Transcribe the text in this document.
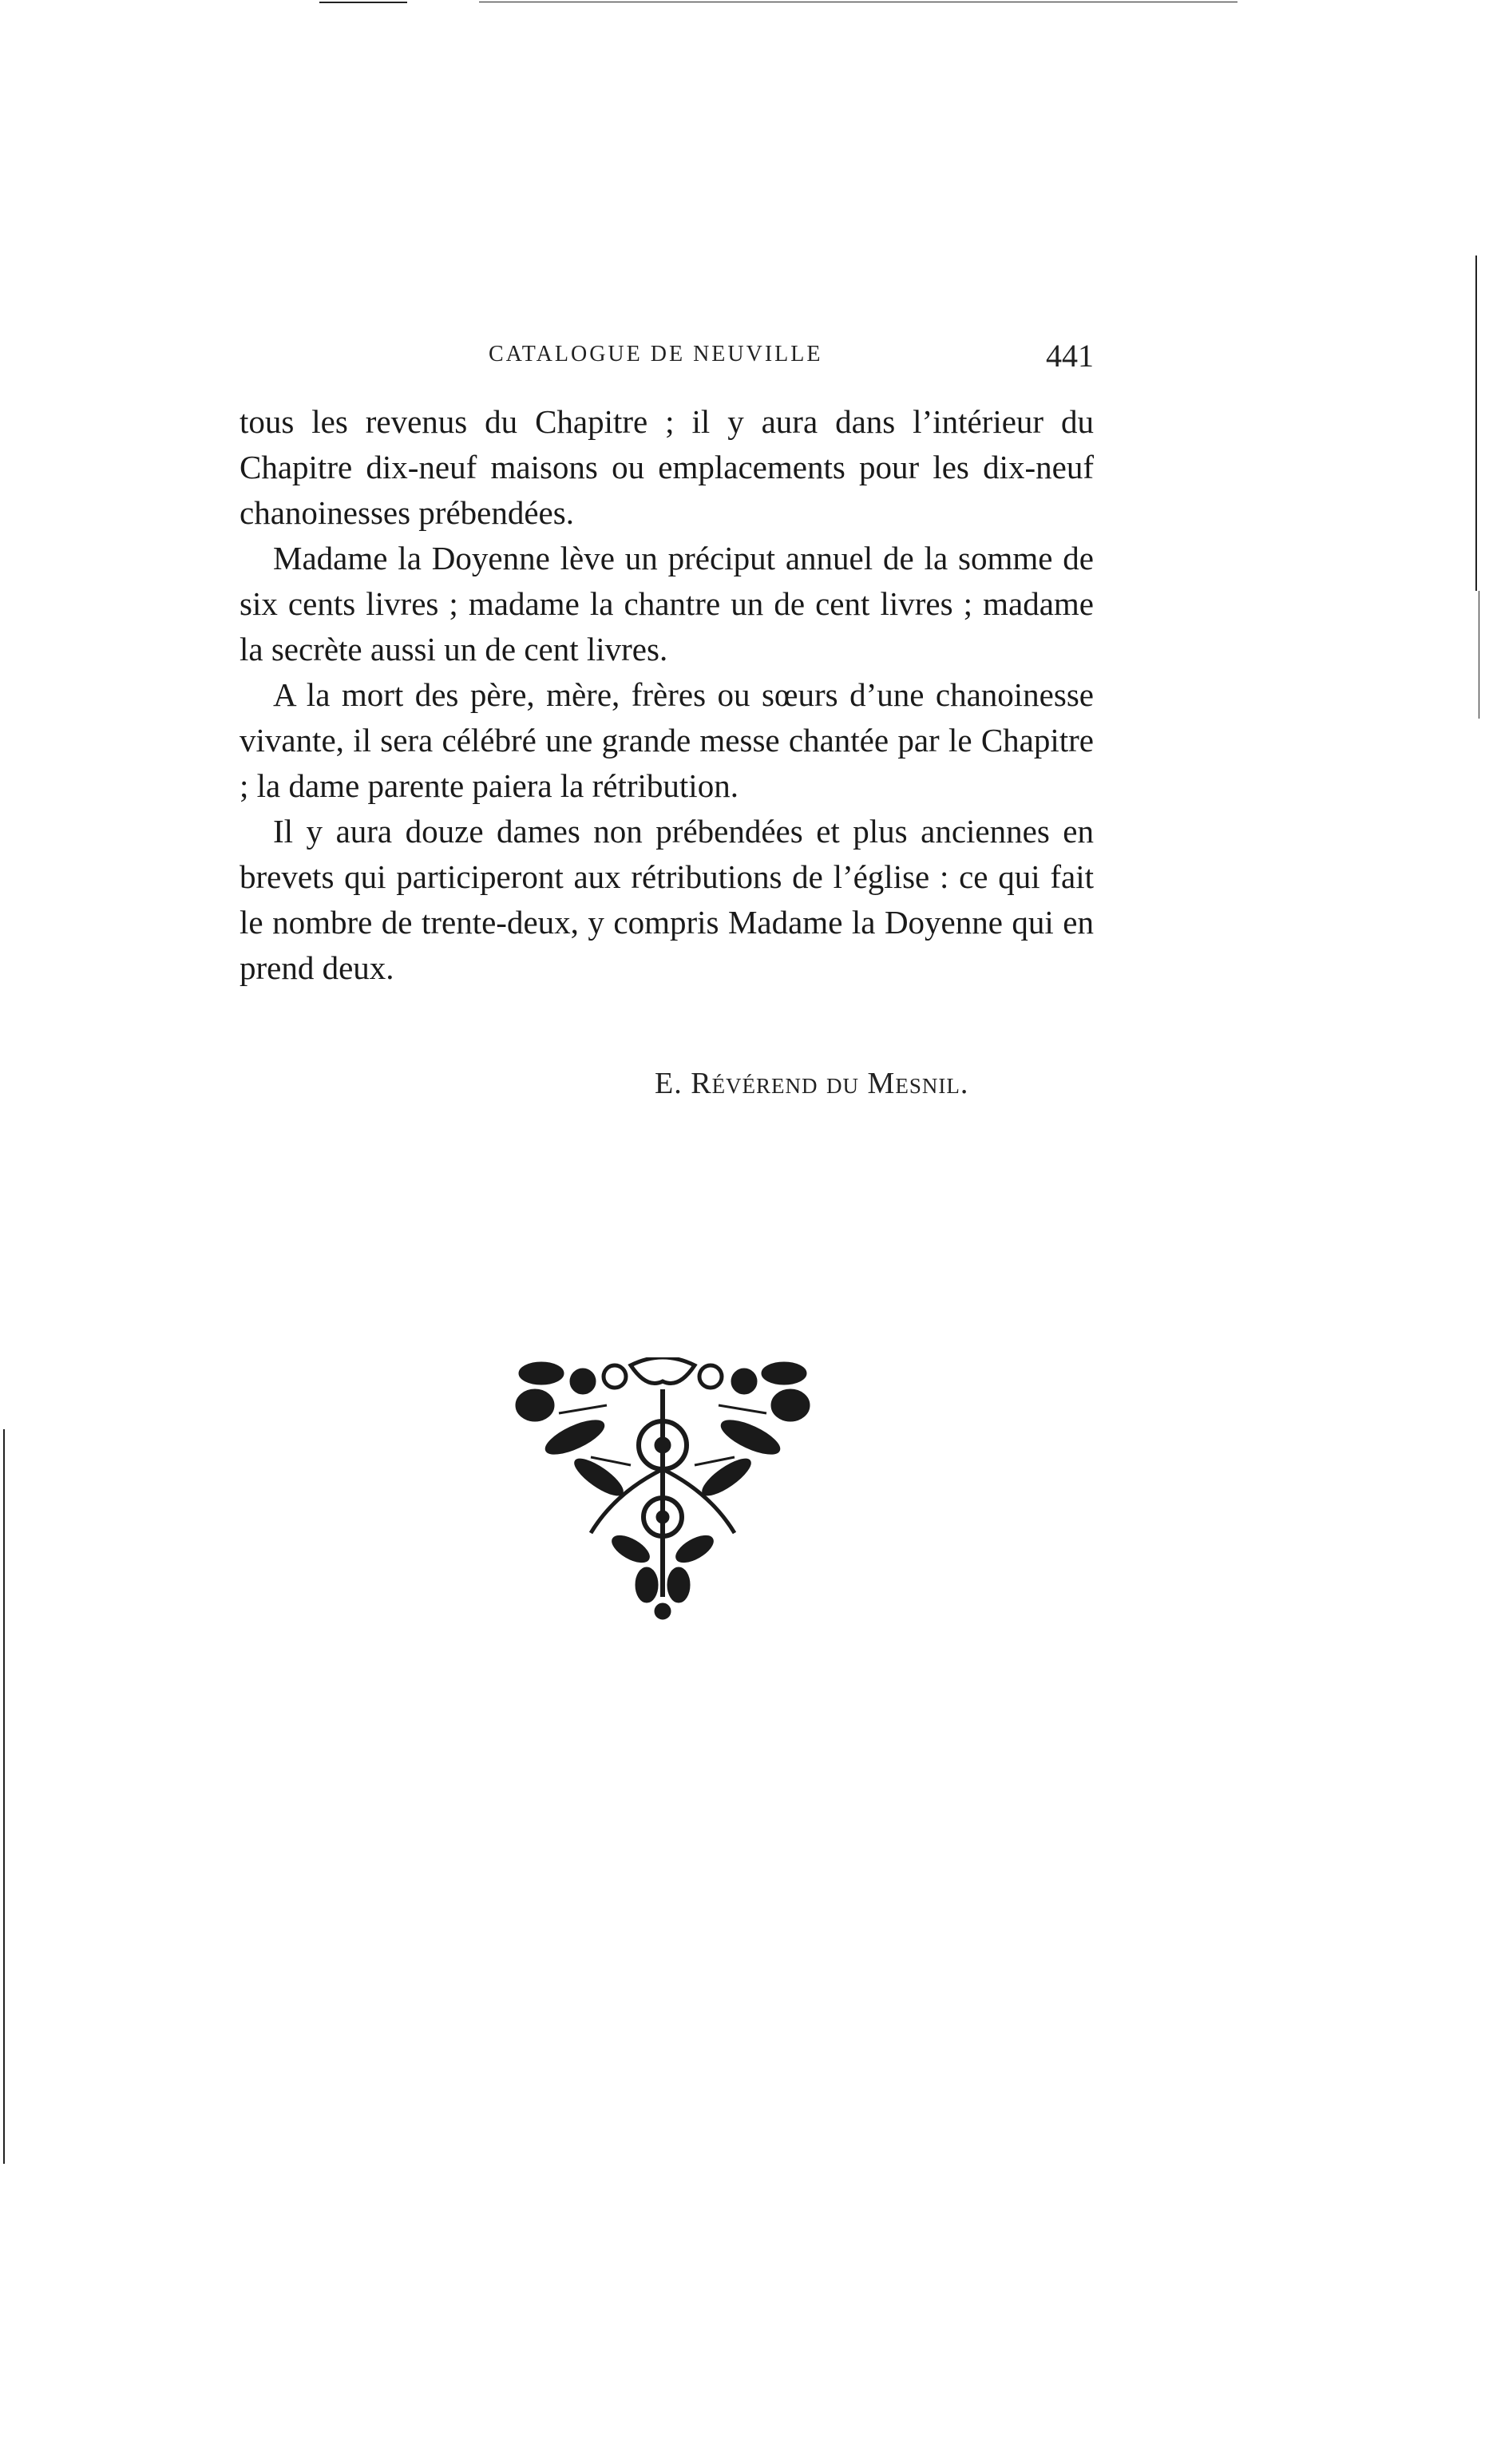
CATALOGUE DE NEUVILLE	441

tous les revenus du Chapitre ; il y aura dans l’intérieur du Chapitre dix-neuf maisons ou emplacements pour les dix-neuf chanoinesses prébendées.

Madame la Doyenne lève un préciput annuel de la somme de six cents livres ; madame la chantre un de cent livres ; madame la secrète aussi un de cent livres.

A la mort des père, mère, frères ou sœurs d’une chanoinesse vivante, il sera célébré une grande messe chantée par le Chapitre ; la dame parente paiera la rétribution.

Il y aura douze dames non prébendées et plus anciennes en brevets qui participeront aux rétributions de l’église : ce qui fait le nombre de trente-deux, y compris Madame la Doyenne qui en prend deux.

E. Révérend du Mesnil.
